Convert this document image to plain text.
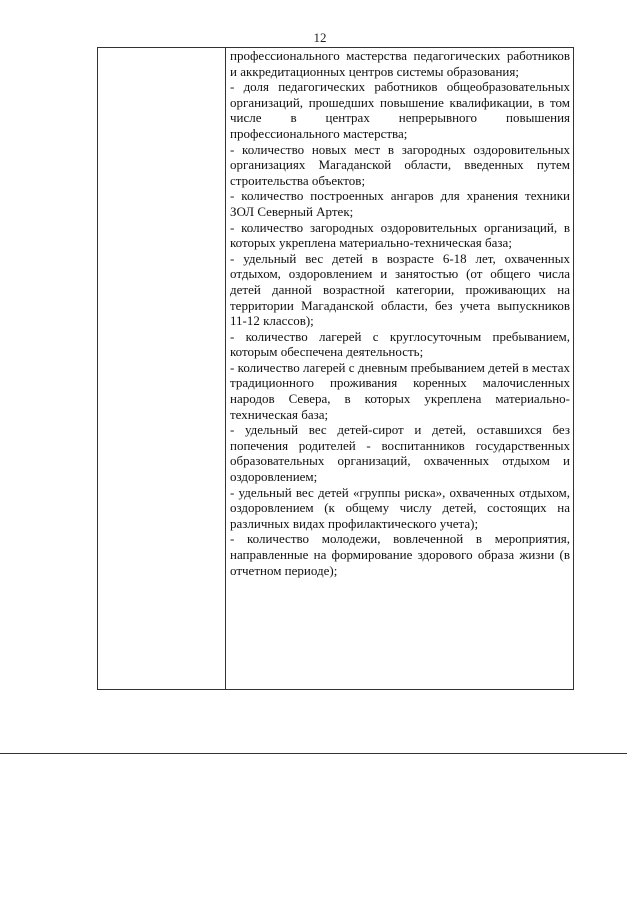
12
профессионального мастерства педагогических работников и аккредитационных центров системы образования;
- доля педагогических работников общеобразовательных организаций, прошедших повышение квалификации, в том числе в центрах непрерывного повышения профессионального мастерства;
- количество новых мест в загородных оздоровительных организациях Магаданской области, введенных путем строительства объектов;
- количество построенных ангаров для хранения техники ЗОЛ Северный Артек;
- количество загородных оздоровительных организаций, в которых укреплена материально-техническая база;
- удельный вес детей в возрасте 6-18 лет, охваченных отдыхом, оздоровлением и занятостью (от общего числа детей данной возрастной категории, проживающих на территории Магаданской области, без учета выпускников 11-12 классов);
- количество лагерей с круглосуточным пребыванием, которым обеспечена деятельность;
- количество лагерей с дневным пребыванием детей в местах традиционного проживания коренных малочисленных народов Севера, в которых укреплена материально-техническая база;
- удельный вес детей-сирот и детей, оставшихся без попечения родителей - воспитанников государственных образовательных организаций, охваченных отдыхом и оздоровлением;
- удельный вес детей «группы риска», охваченных отдыхом, оздоровлением (к общему числу детей, состоящих на различных видах профилактического учета);
- количество молодежи, вовлеченной в мероприятия, направленные на формирование здорового образа жизни (в отчетном периоде);
